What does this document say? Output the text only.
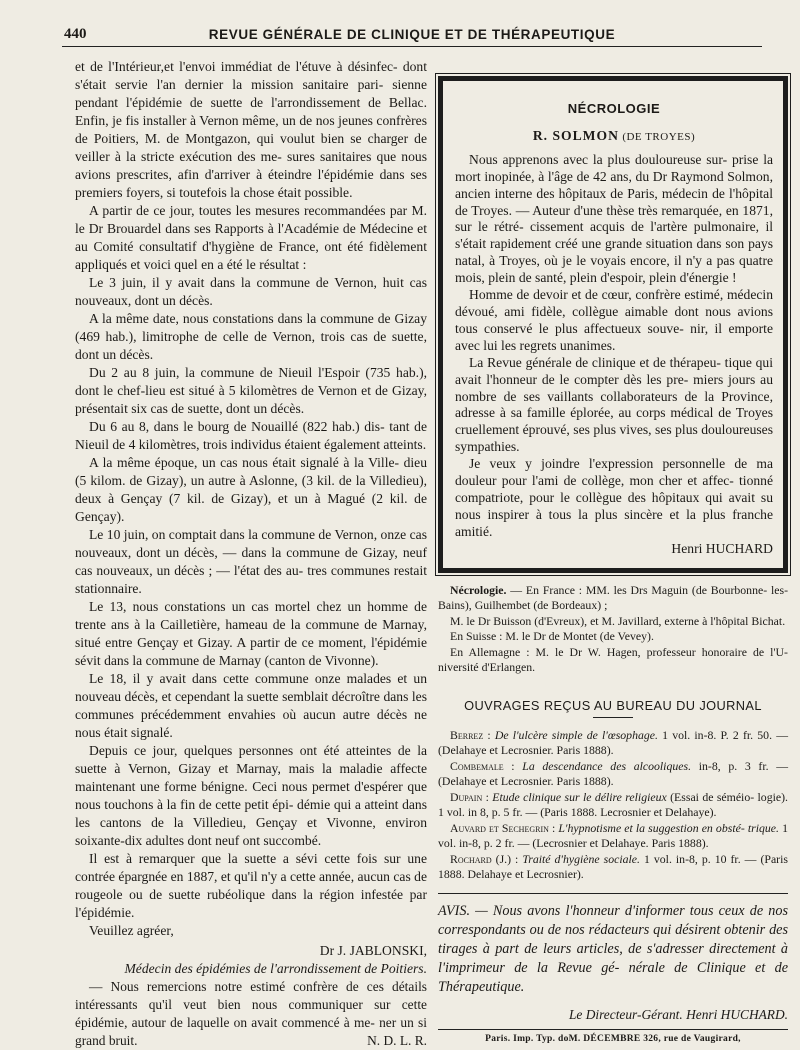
440	REVUE GÉNÉRALE DE CLINIQUE ET DE THÉRAPEUTIQUE

et de l'Intérieur,et l'envoi immédiat de l'étuve à désinfec- dont s'était servie l'an dernier la mission sanitaire pari- sienne pendant l'épidémie de suette de l'arrondissement de Bellac. Enfin, je fis installer à Vernon même, un de nos jeunes confrères de Poitiers, M. de Montgazon, qui voulut bien se charger de veiller à la stricte exécution des me- sures sanitaires que nous avions prescrites, afin d'arriver à éteindre l'épidémie dans ses premiers foyers, si toutefois la chose était possible.

A partir de ce jour, toutes les mesures recommandées par M. le Dr Brouardel dans ses Rapports à l'Académie de Médecine et au Comité consultatif d'hygiène de France, ont été fidèlement appliqués et voici quel en a été le résultat :

Le 3 juin, il y avait dans la commune de Vernon, huit cas nouveaux, dont un décès.

A la même date, nous constations dans la commune de Gizay (469 hab.), limitrophe de celle de Vernon, trois cas de suette, dont un décès.

Du 2 au 8 juin, la commune de Nieuil l'Espoir (735 hab.), dont le chef-lieu est situé à 5 kilomètres de Vernon et de Gizay, présentait six cas de suette, dont un décès.

Du 6 au 8, dans le bourg de Nouaillé (822 hab.) dis- tant de Nieuil de 4 kilomètres, trois individus étaient également atteints.

A la même époque, un cas nous était signalé à la Ville- dieu (5 kilom. de Gizay), un autre à Aslonne, (3 kil. de la Villedieu), deux à Gençay (7 kil. de Gizay), et un à Magué (2 kil. de Gençay).

Le 10 juin, on comptait dans la commune de Vernon, onze cas nouveaux, dont un décès, — dans la commune de Gizay, neuf cas nouveaux, un décès ; — l'état des au- tres communes restait stationnaire.

Le 13, nous constations un cas mortel chez un homme de trente ans à la Cailletière, hameau de la commune de Marnay, situé entre Gençay et Gizay. A partir de ce moment, l'épidémie sévit dans la commune de Marnay (canton de Vivonne).

Le 18, il y avait dans cette commune onze malades et un nouveau décès, et cependant la suette semblait décroître dans les communes précédemment envahies où aucun autre décès ne nous était signalé.

Depuis ce jour, quelques personnes ont été atteintes de la suette à Vernon, Gizay et Marnay, mais la maladie affecte maintenant une forme bénigne. Ceci nous permet d'espérer que nous touchons à la fin de cette petit épi- démie qui a atteint dans les cantons de la Villedieu, Gençay et Vivonne, environ soixante-dix adultes dont neuf ont succombé.

Il est à remarquer que la suette a sévi cette fois sur une contrée épargnée en 1887, et qu'il n'y a cette année, aucun cas de rougeole ou de suette rubéolique dans la région infestée par l'épidémie.

Veuillez agréer,

Dr J. JABLONSKI,
Médecin des épidémies de l'arrondissement de Poitiers.

— Nous remercions notre estimé confrère de ces détails intéressants qu'il veut bien nous communiquer sur cette épidémie, autour de laquelle on avait commencé à me- ner un si grand bruit.	N. D. L. R.

NÉCROLOGIE
R. SOLMON (DE TROYES)

Nous apprenons avec la plus douloureuse sur- prise la mort inopinée, à l'âge de 42 ans, du Dr Raymond Solmon, ancien interne des hôpitaux de Paris, médecin de l'hôpital de Troyes. — Auteur d'une thèse très remarquée, en 1871, sur le rétré- cissement acquis de l'artère pulmonaire, il s'était rapidement créé une grande situation dans son pays natal, à Troyes, où je le voyais encore, il n'y a pas quatre mois, plein de santé, plein d'espoir, plein d'énergie !

Homme de devoir et de cœur, confrère estimé, médecin dévoué, ami fidèle, collègue aimable dont nous avions tous conservé le plus affectueux souve- nir, il emporte avec lui les regrets unanimes.

La Revue générale de clinique et de thérapeu- tique qui avait l'honneur de le compter dès les pre- miers jours au nombre de ses vaillants collaborateurs de la Province, adresse à sa famille éplorée, au corps médical de Troyes cruellement éprouvé, ses plus vives, ses plus douloureuses sympathies.

Je veux y joindre l'expression personnelle de ma douleur pour l'ami de collège, mon cher et affec- tionné compatriote, pour le collègue des hôpitaux qui avait su nous inspirer à tous la plus sincère et la plus franche amitié.

Henri HUCHARD

Nécrologie. — En France : MM. les Drs Maguin (de Bourbonne- les-Bains), Guilhembet (de Bordeaux) ;

M. le Dr Buisson (d'Evreux), et M. Javillard, externe à l'hôpital Bichat.

En Suisse : M. le Dr de Montet (de Vevey).

En Allemagne : M. le Dr W. Hagen, professeur honoraire de l'U- niversité d'Erlangen.

OUVRAGES REÇUS AU BUREAU DU JOURNAL

Berrez : De l'ulcère simple de l'œsophage. 1 vol. in-8. P. 2 fr. 50. — (Delahaye et Lecrosnier. Paris 1888).

Combemale : La descendance des alcooliques. in-8, p. 3 fr. — (Delahaye et Lecrosnier. Paris 1888).

Dupain : Etude clinique sur le délire religieux (Essai de séméio- logie). 1 vol. in 8, p. 5 fr. — (Paris 1888. Lecrosnier et Delahaye).

Auvard et Sechegrin : L'hypnotisme et la suggestion en obsté- trique. 1 vol. in-8, p. 2 fr. — (Lecrosnier et Delahaye. Paris 1888).

Rochard (J.) : Traité d'hygiène sociale. 1 vol. in-8, p. 10 fr. — (Paris 1888. Delahaye et Lecrosnier).

AVIS. — Nous avons l'honneur d'informer tous ceux de nos correspondants ou de nos rédacteurs qui désirent obtenir des tirages à part de leurs articles, de s'adresser directement à l'imprimeur de la Revue gé- nérale de Clinique et de Thérapeutique.
Le Directeur-Gérant. Henri HUCHARD.
Paris. Imp. Typ. doM. DÉCEMBRE 326, rue de Vaugirard,
